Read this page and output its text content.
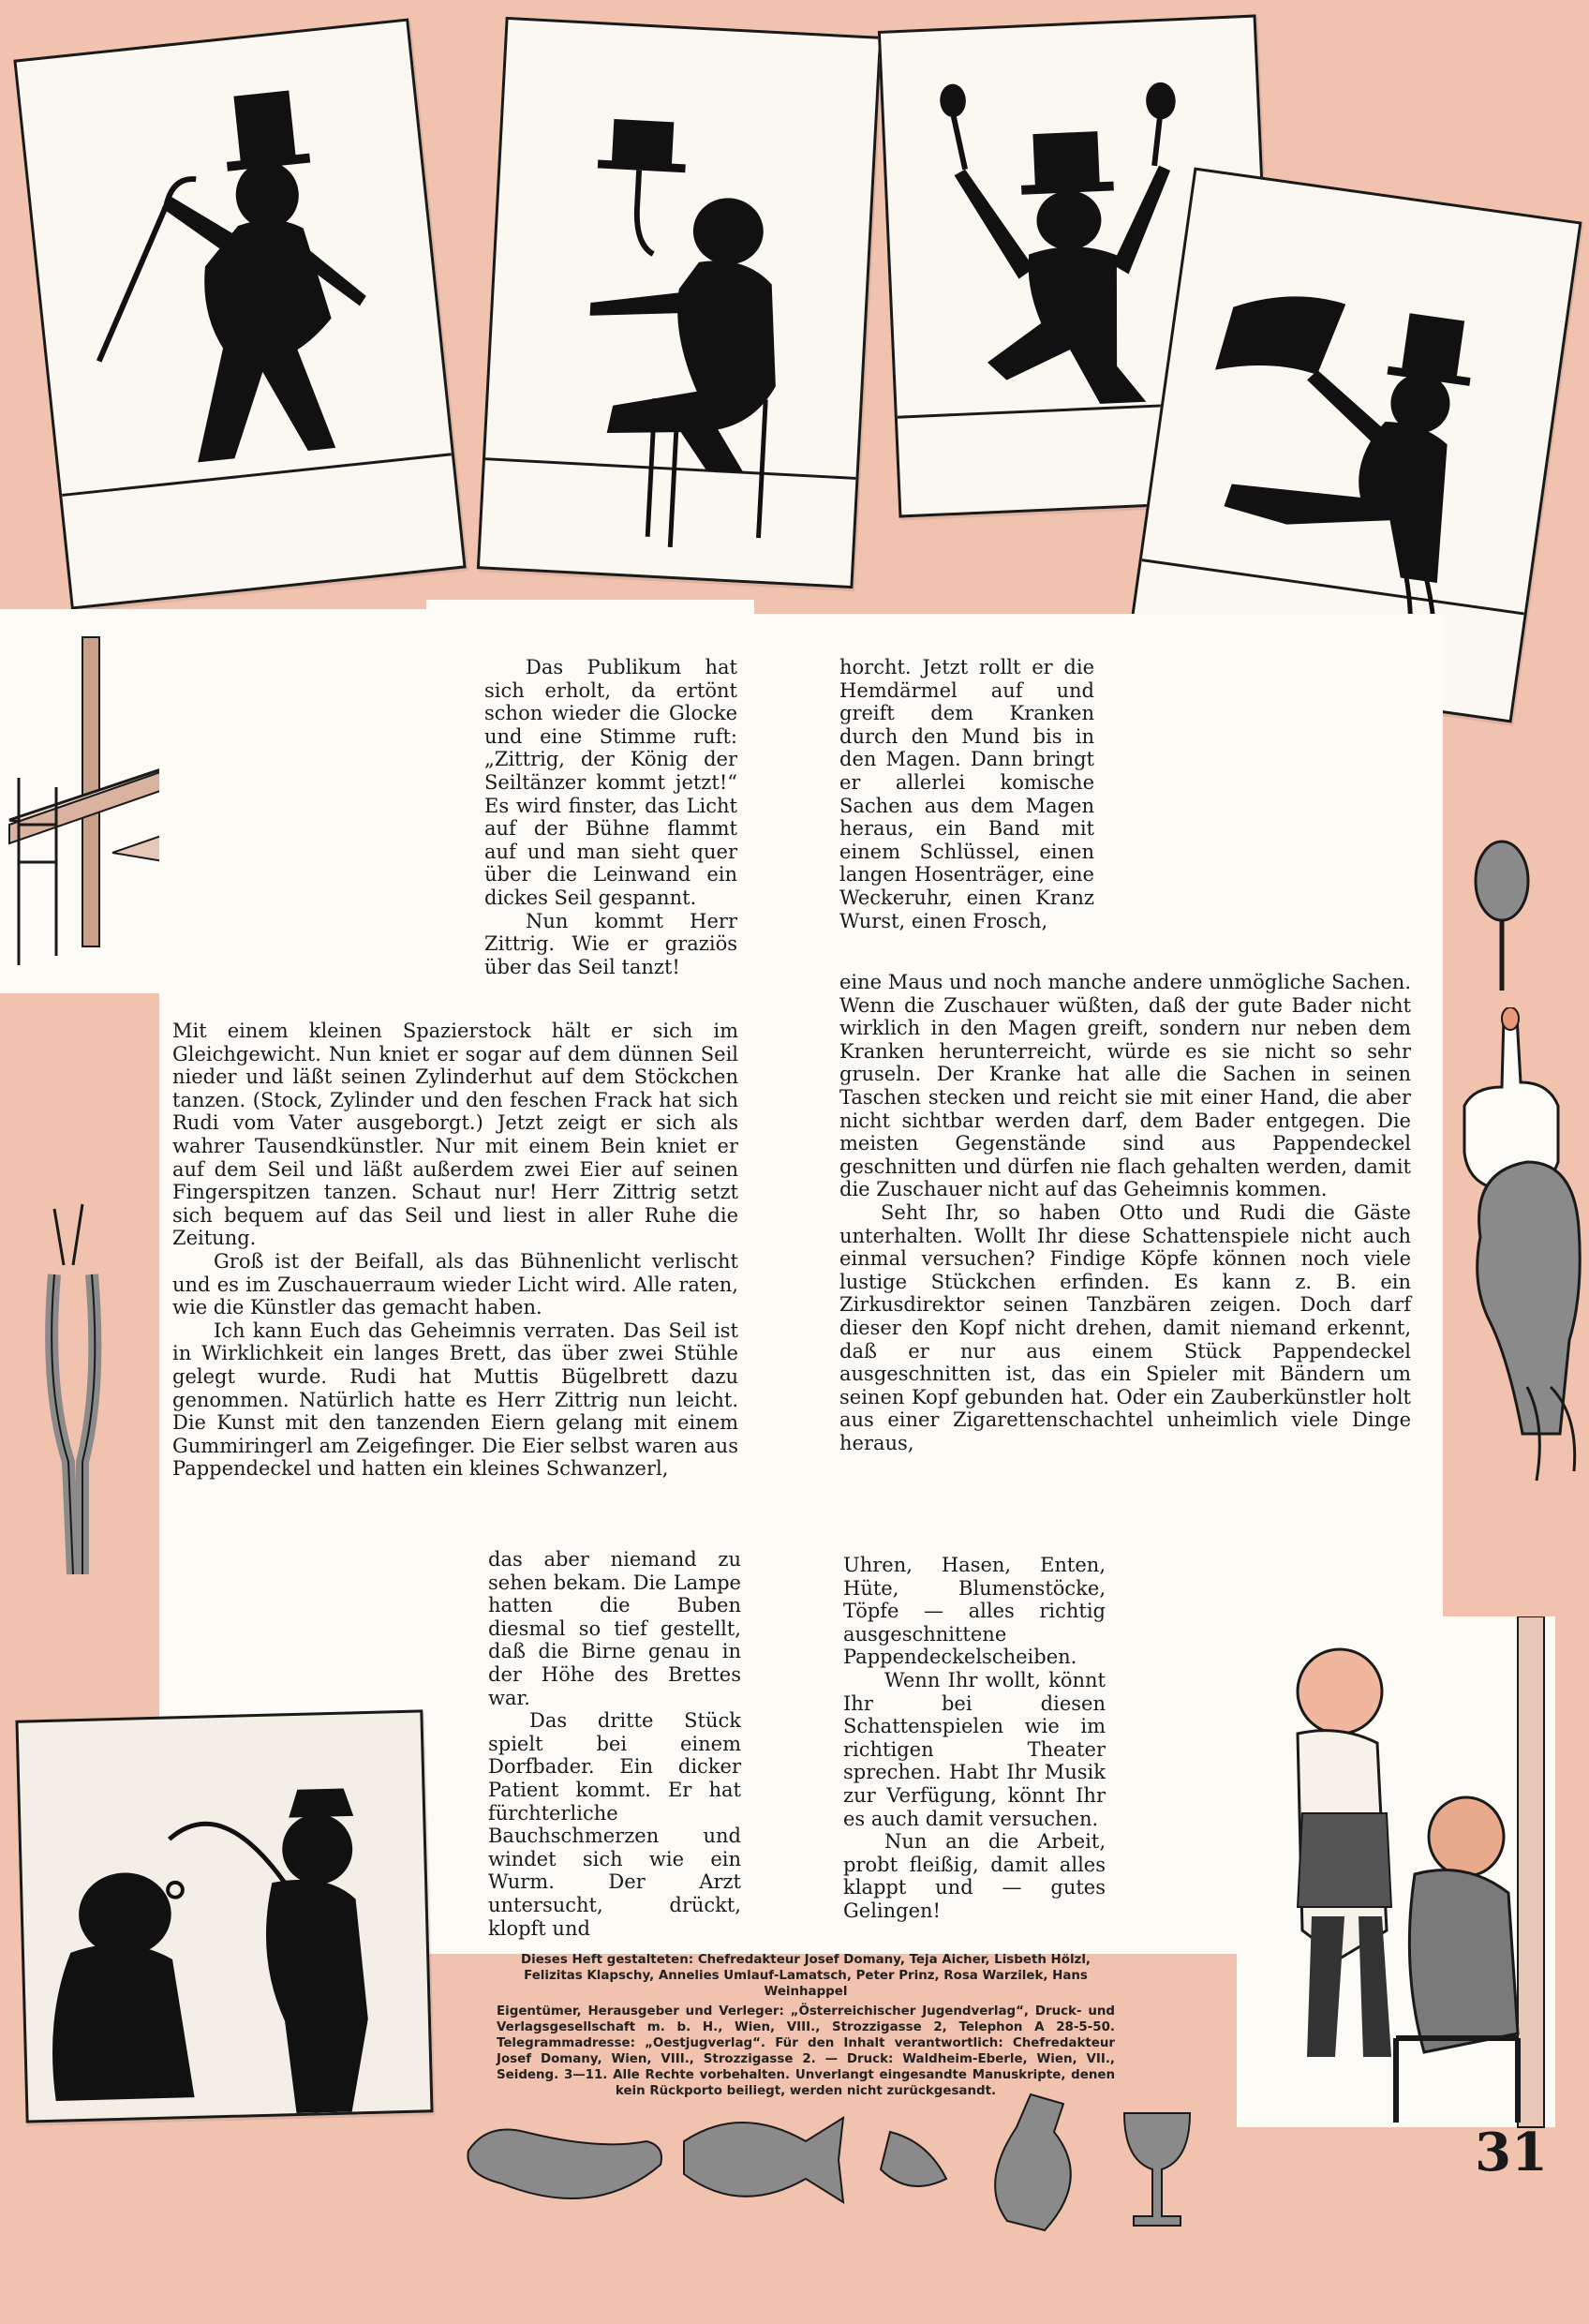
Das Publikum hat sich erholt, da ertönt schon wieder die Glocke und eine Stimme ruft: „Zittrig, der König der Seiltänzer kommt jetzt!“ Es wird finster, das Licht auf der Bühne flammt auf und man sieht quer über die Leinwand ein dickes Seil gespannt.

Nun kommt Herr Zittrig. Wie er graziös über das Seil tanzt!

Mit einem kleinen Spazierstock hält er sich im Gleichgewicht. Nun kniet er sogar auf dem dünnen Seil nieder und läßt seinen Zylinderhut auf dem Stöckchen tanzen. (Stock, Zylinder und den feschen Frack hat sich Rudi vom Vater ausgeborgt.) Jetzt zeigt er sich als wahrer Tausendkünstler. Nur mit einem Bein kniet er auf dem Seil und läßt außerdem zwei Eier auf seinen Fingerspitzen tanzen. Schaut nur! Herr Zittrig setzt sich bequem auf das Seil und liest in aller Ruhe die Zeitung.

Groß ist der Beifall, als das Bühnenlicht verlischt und es im Zuschauerraum wieder Licht wird. Alle raten, wie die Künstler das gemacht haben.

Ich kann Euch das Geheimnis verraten. Das Seil ist in Wirklichkeit ein langes Brett, das über zwei Stühle gelegt wurde. Rudi hat Muttis Bügelbrett dazu genommen. Natürlich hatte es Herr Zittrig nun leicht. Die Kunst mit den tanzenden Eiern gelang mit einem Gummiringerl am Zeigefinger. Die Eier selbst waren aus Pappendeckel und hatten ein kleines Schwanzerl,

das aber niemand zu sehen bekam. Die Lampe hatten die Buben diesmal so tief gestellt, daß die Birne genau in der Höhe des Brettes war.

Das dritte Stück spielt bei einem Dorfbader. Ein dicker Patient kommt. Er hat fürchterliche Bauchschmerzen und windet sich wie ein Wurm. Der Arzt untersucht, drückt, klopft und

horcht. Jetzt rollt er die Hemdärmel auf und greift dem Kranken durch den Mund bis in den Magen. Dann bringt er allerlei komische Sachen aus dem Magen heraus, ein Band mit einem Schlüssel, einen langen Hosenträger, eine Weckeruhr, einen Kranz Wurst, einen Frosch,

eine Maus und noch manche andere unmögliche Sachen. Wenn die Zuschauer wüßten, daß der gute Bader nicht wirklich in den Magen greift, sondern nur neben dem Kranken herunterreicht, würde es sie nicht so sehr gruseln. Der Kranke hat alle die Sachen in seinen Taschen stecken und reicht sie mit einer Hand, die aber nicht sichtbar werden darf, dem Bader entgegen. Die meisten Gegenstände sind aus Pappendeckel geschnitten und dürfen nie flach gehalten werden, damit die Zuschauer nicht auf das Geheimnis kommen.

Seht Ihr, so haben Otto und Rudi die Gäste unterhalten. Wollt Ihr diese Schattenspiele nicht auch einmal versuchen? Findige Köpfe können noch viele lustige Stückchen erfinden. Es kann z. B. ein Zirkusdirektor seinen Tanzbären zeigen. Doch darf dieser den Kopf nicht drehen, damit niemand erkennt, daß er nur aus einem Stück Pappendeckel ausgeschnitten ist, das ein Spieler mit Bändern um seinen Kopf gebunden hat. Oder ein Zauberkünstler holt aus einer Zigarettenschachtel unheimlich viele Dinge heraus,

Uhren, Hasen, Enten, Hüte, Blumenstöcke, Töpfe — alles richtig ausgeschnittene Pappendeckelscheiben.

Wenn Ihr wollt, könnt Ihr bei diesen Schattenspielen wie im richtigen Theater sprechen. Habt Ihr Musik zur Verfügung, könnt Ihr es auch damit versuchen.

Nun an die Arbeit, probt fleißig, damit alles klappt und — gutes Gelingen!

Dieses Heft gestalteten: Chefredakteur Josef Domany, Teja Aicher, Lisbeth Hölzl, Felizitas Klapschy, Annelies Umlauf-Lamatsch, Peter Prinz, Rosa Warzilek, Hans Weinhappel
Eigentümer, Herausgeber und Verleger: „Österreichischer Jugendverlag“, Druck- und Verlagsgesellschaft m. b. H., Wien, VIII., Strozzigasse 2, Telephon A 28-5-50. Telegrammadresse: „Oestjugverlag“. Für den Inhalt verantwortlich: Chefredakteur Josef Domany, Wien, VIII., Strozzigasse 2. — Druck: Waldheim-Eberle, Wien, VII., Seideng. 3—11. Alle Rechte vorbehalten. Unverlangt eingesandte Manuskripte, denen kein Rückporto beiliegt, werden nicht zurückgesandt.
31
